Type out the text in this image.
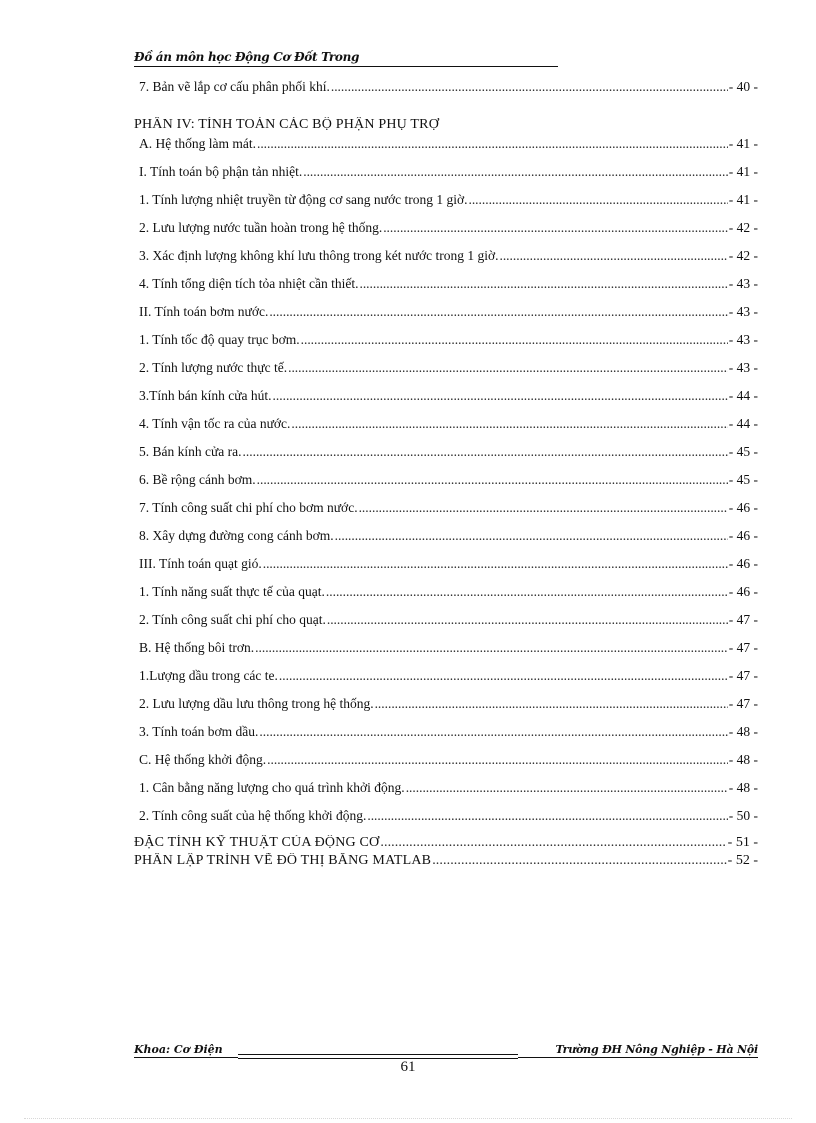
Đồ án môn học Động Cơ Đốt Trong
7. Bản vẽ lắp cơ cấu phân phối khí. . . .	- 40 -
PHẦN IV: TÍNH TOÁN CÁC BỘ PHẬN PHỤ TRỢ
A. Hệ thống làm mát. . . .	- 41 -
I. Tính toán bộ phận tản nhiệt. . . .	- 41 -
1. Tính lượng nhiệt truyền từ động cơ sang nước trong 1 giờ. . . .	- 41 -
2. Lưu lượng nước tuần hoàn trong hệ thống. . . .	- 42 -
3. Xác định lượng không khí lưu thông trong két nước trong 1 giờ. . . .	- 42 -
4. Tính tổng diện tích tỏa nhiệt cần thiết. . . .	- 43 -
II. Tính toán bơm nước. . . .	- 43 -
1. Tính tốc độ quay trục bơm. . . .	- 43 -
2. Tính lượng nước thực tế. . . .	- 43 -
3.Tính bán kính cửa hút. . . .	- 44 -
4. Tính vận tốc ra của nước. . . .	- 44 -
5. Bán kính cửa ra. . . .	- 45 -
6. Bề rộng cánh bơm. . . .	- 45 -
7. Tính công suất chi phí cho bơm nước. . . .	- 46 -
8. Xây dựng đường cong cánh bơm. . . .	- 46 -
III. Tính toán quạt gió. . . .	- 46 -
1. Tính năng suất thực tế của quạt. . . .	- 46 -
2. Tính công suất chi phí cho quạt. . . .	- 47 -
B. Hệ thống bôi trơn. . . .	- 47 -
1.Lượng dầu trong các te. . . .	- 47 -
2. Lưu lượng dầu lưu thông trong hệ thống. . . .	- 47 -
3. Tính toán bơm dầu. . . .	- 48 -
C. Hệ thống khởi động. . . .	- 48 -
1. Cân bằng năng lượng cho quá trình khởi động. . . .	- 48 -
2. Tính công suất của hệ thống khởi động. . . .	- 50 -
ĐẶC TÍNH KỸ THUẬT CỦA ĐỘNG CƠ . . .	- 51 -
PHẦN LẬP TRÌNH VẼ ĐỒ THỊ BẰNG MATLAB . . .	- 52 -
Khoa: Cơ Điện	Trường ĐH Nông Nghiệp - Hà Nội
61
